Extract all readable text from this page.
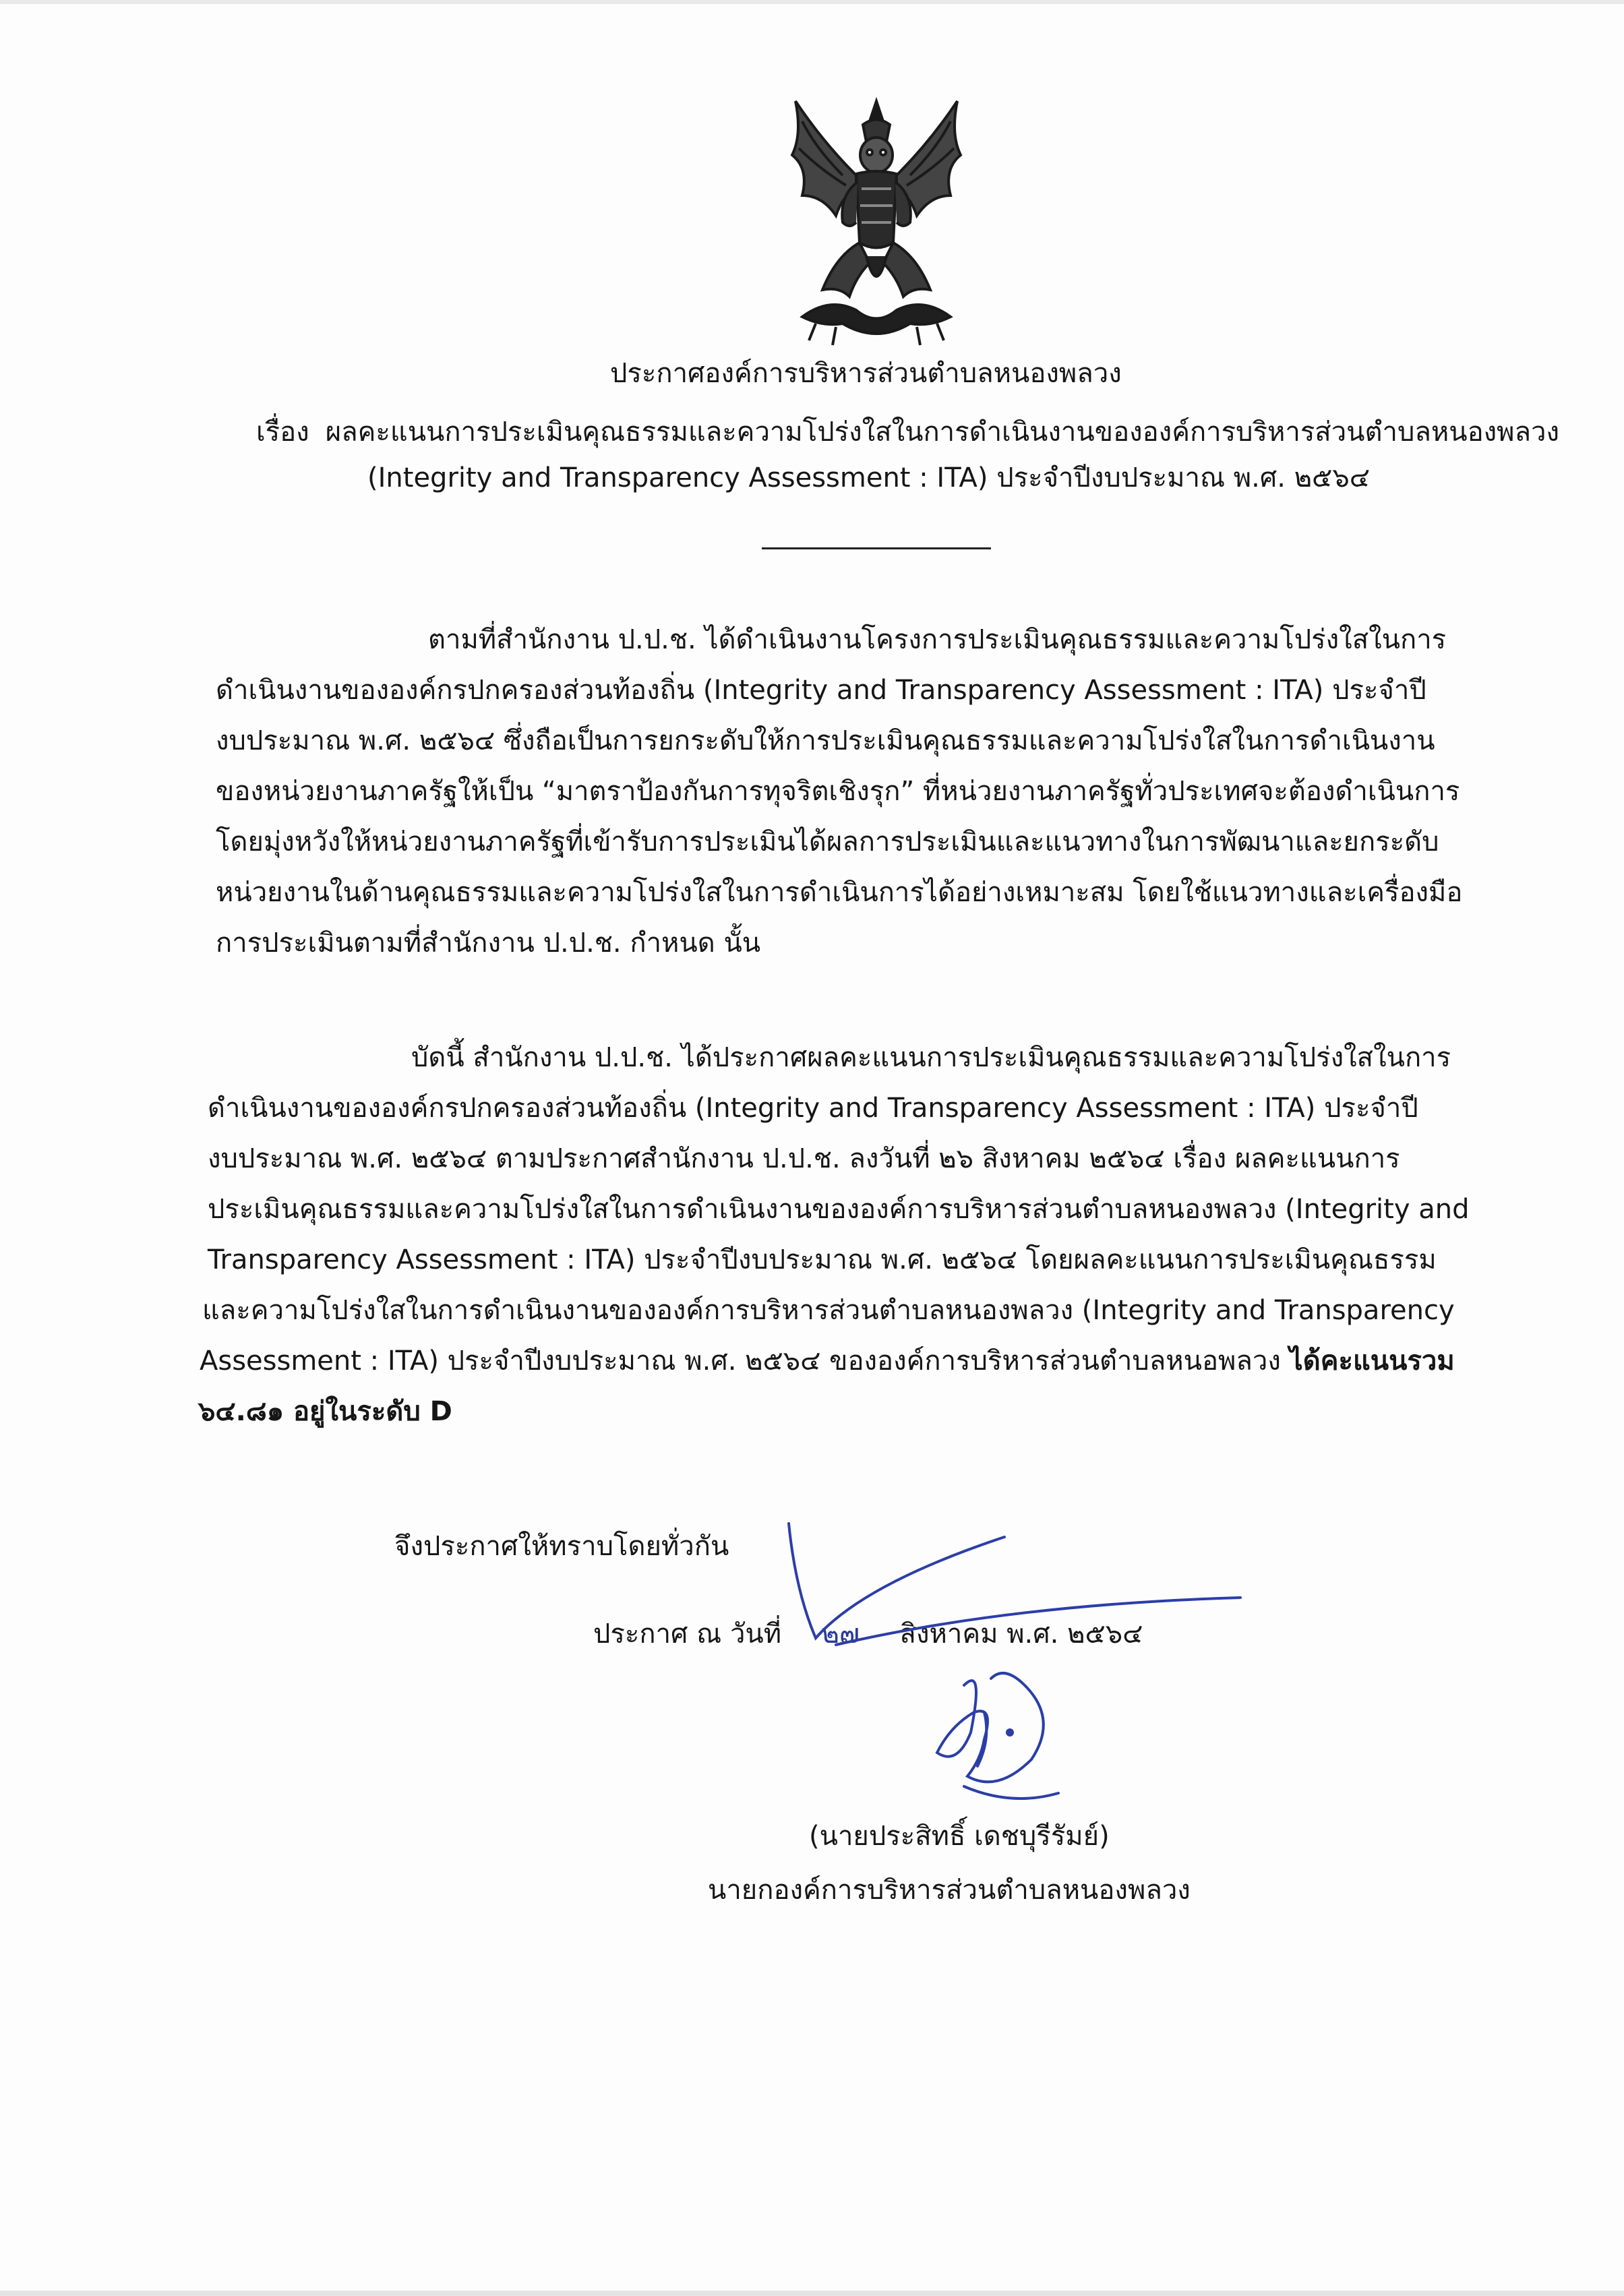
ประกาศองค์การบริหารส่วนตำบลหนองพลวง
เรื่อง ผลคะแนนการประเมินคุณธรรมและความโปร่งใสในการดำเนินงานขององค์การบริหารส่วนตำบลหนองพลวง
(Integrity and Transparency Assessment : ITA) ประจำปีงบประมาณ พ.ศ. ๒๕๖๔
ตามที่สำนักงาน ป.ป.ช. ได้ดำเนินงานโครงการประเมินคุณธรรมและความโปร่งใสในการ
ดำเนินงานขององค์กรปกครองส่วนท้องถิ่น (Integrity and Transparency Assessment : ITA) ประจำปี
งบประมาณ พ.ศ. ๒๕๖๔ ซึ่งถือเป็นการยกระดับให้การประเมินคุณธรรมและความโปร่งใสในการดำเนินงาน
ของหน่วยงานภาครัฐให้เป็น “มาตราป้องกันการทุจริตเชิงรุก” ที่หน่วยงานภาครัฐทั่วประเทศจะต้องดำเนินการ
โดยมุ่งหวังให้หน่วยงานภาครัฐที่เข้ารับการประเมินได้ผลการประเมินและแนวทางในการพัฒนาและยกระดับ
หน่วยงานในด้านคุณธรรมและความโปร่งใสในการดำเนินการได้อย่างเหมาะสม โดยใช้แนวทางและเครื่องมือ
การประเมินตามที่สำนักงาน ป.ป.ช. กำหนด นั้น
บัดนี้ สำนักงาน ป.ป.ช. ได้ประกาศผลคะแนนการประเมินคุณธรรมและความโปร่งใสในการ
ดำเนินงานขององค์กรปกครองส่วนท้องถิ่น (Integrity and Transparency Assessment : ITA) ประจำปี
งบประมาณ พ.ศ. ๒๕๖๔ ตามประกาศสำนักงาน ป.ป.ช. ลงวันที่ ๒๖ สิงหาคม ๒๕๖๔ เรื่อง ผลคะแนนการ
ประเมินคุณธรรมและความโปร่งใสในการดำเนินงานขององค์การบริหารส่วนตำบลหนองพลวง (Integrity and
Transparency Assessment : ITA) ประจำปีงบประมาณ พ.ศ. ๒๕๖๔ โดยผลคะแนนการประเมินคุณธรรม
และความโปร่งใสในการดำเนินงานขององค์การบริหารส่วนตำบลหนองพลวง (Integrity and Transparency
Assessment : ITA) ประจำปีงบประมาณ พ.ศ. ๒๕๖๔ ขององค์การบริหารส่วนตำบลหนอพลวง ได้คะแนนรวม
๖๔.๘๑ อยู่ในระดับ D
จึงประกาศให้ทราบโดยทั่วกัน
ประกาศ ณ วันที่ ๒๗ สิงหาคม พ.ศ. ๒๕๖๔
(นายประสิทธิ์ เดชบุรีรัมย์)
นายกองค์การบริหารส่วนตำบลหนองพลวง
